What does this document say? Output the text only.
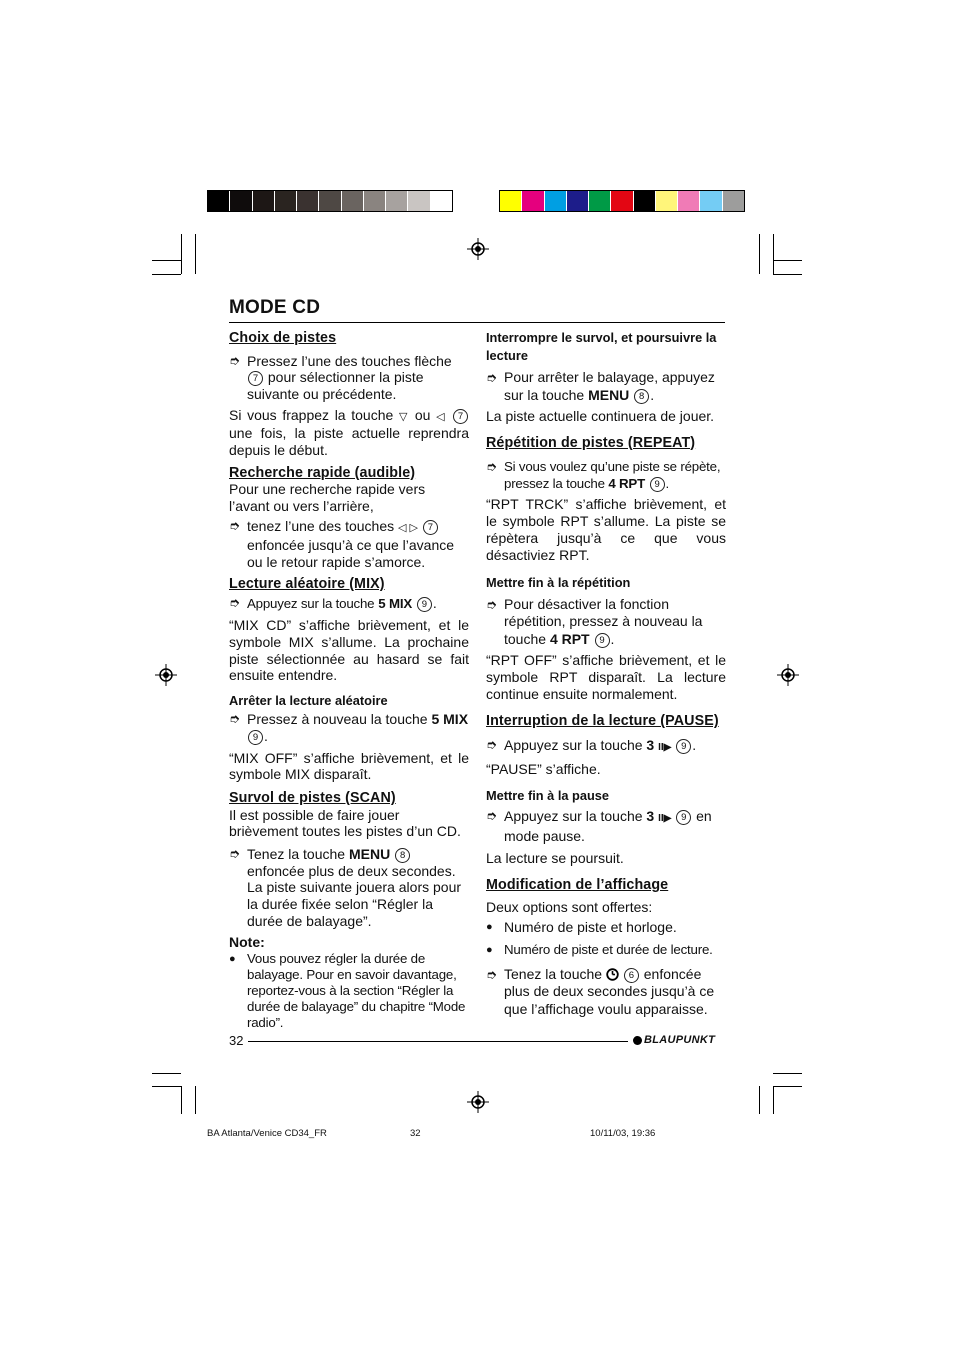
MODE CD

Choix de pistes

➮ Pressez l’une des touches flèche
7 pour sélectionner la piste suivante ou précédente.

Si vous frappez la touche ▽ ou ◁ 7 une fois, la piste actuelle reprendra depuis le début.

Recherche rapide (audible)

Pour une recherche rapide vers l’avant ou vers l’arrière,

➮ tenez l’une des touches ◁ ▷ 7 enfoncée jusqu’à ce que l’avance ou le retour rapide s’amorce.

Lecture aléatoire (MIX)

➮ Appuyez sur la touche 5 MIX 9 .

“MIX CD” s’affiche brièvement, et le symbole MIX s’allume. La prochaine piste sélectionnée au hasard se fait ensuite entendre.

Arrêter la lecture aléatoire

➮ Pressez à nouveau la touche 5 MIX 9 .

“MIX OFF” s’affiche brièvement, et le symbole MIX disparaît.

Survol de pistes (SCAN)

Il est possible de faire jouer brièvement toutes les pistes d’un CD.

➮ Tenez la touche MENU 8 enfoncée plus de deux secondes. La piste suivante jouera alors pour la durée fixée selon “Régler la durée de balayage”.

Note:

● Vous pouvez régler la durée de balayage. Pour en savoir davantage, reportez-vous à la section “Régler la durée de balayage” du chapitre “Mode radio”.

Interrompre le survol, et poursuivre la lecture

➮ Pour arrêter le balayage, appuyez sur la touche MENU 8 .

La piste actuelle continuera de jouer.

Répétition de pistes (REPEAT)

➮ Si vous voulez qu’une piste se répète, pressez la touche 4 RPT 9 .

“RPT TRCK” s’affiche brièvement, et le symbole RPT s’allume. La piste se répètera jusqu’à ce que vous désactiviez RPT.

Mettre fin à la répétition

➮ Pour désactiver la fonction répétition, pressez à nouveau la touche 4 RPT 9 .

“RPT OFF” s’affiche brièvement, et le symbole RPT disparaît. La lecture continue ensuite normalement.

Interruption de la lecture (PAUSE)

➮ Appuyez sur la touche 3 II▶ 9 .

“PAUSE” s’affiche.

Mettre fin à la pause

➮ Appuyez sur la touche 3 II▶ 9 en mode pause.

La lecture se poursuit.

Modification de l’affichage

Deux options sont offertes:

● Numéro de piste et horloge.
● Numéro de piste et durée de lecture.
➮ Tenez la touche	6 enfoncée plus de deux secondes jusqu’à ce que l’affichage voulu apparaisse.
32	BLAUPUNKT
BA Atlanta/Venice CD34_FR	32	10/11/03, 19:36
